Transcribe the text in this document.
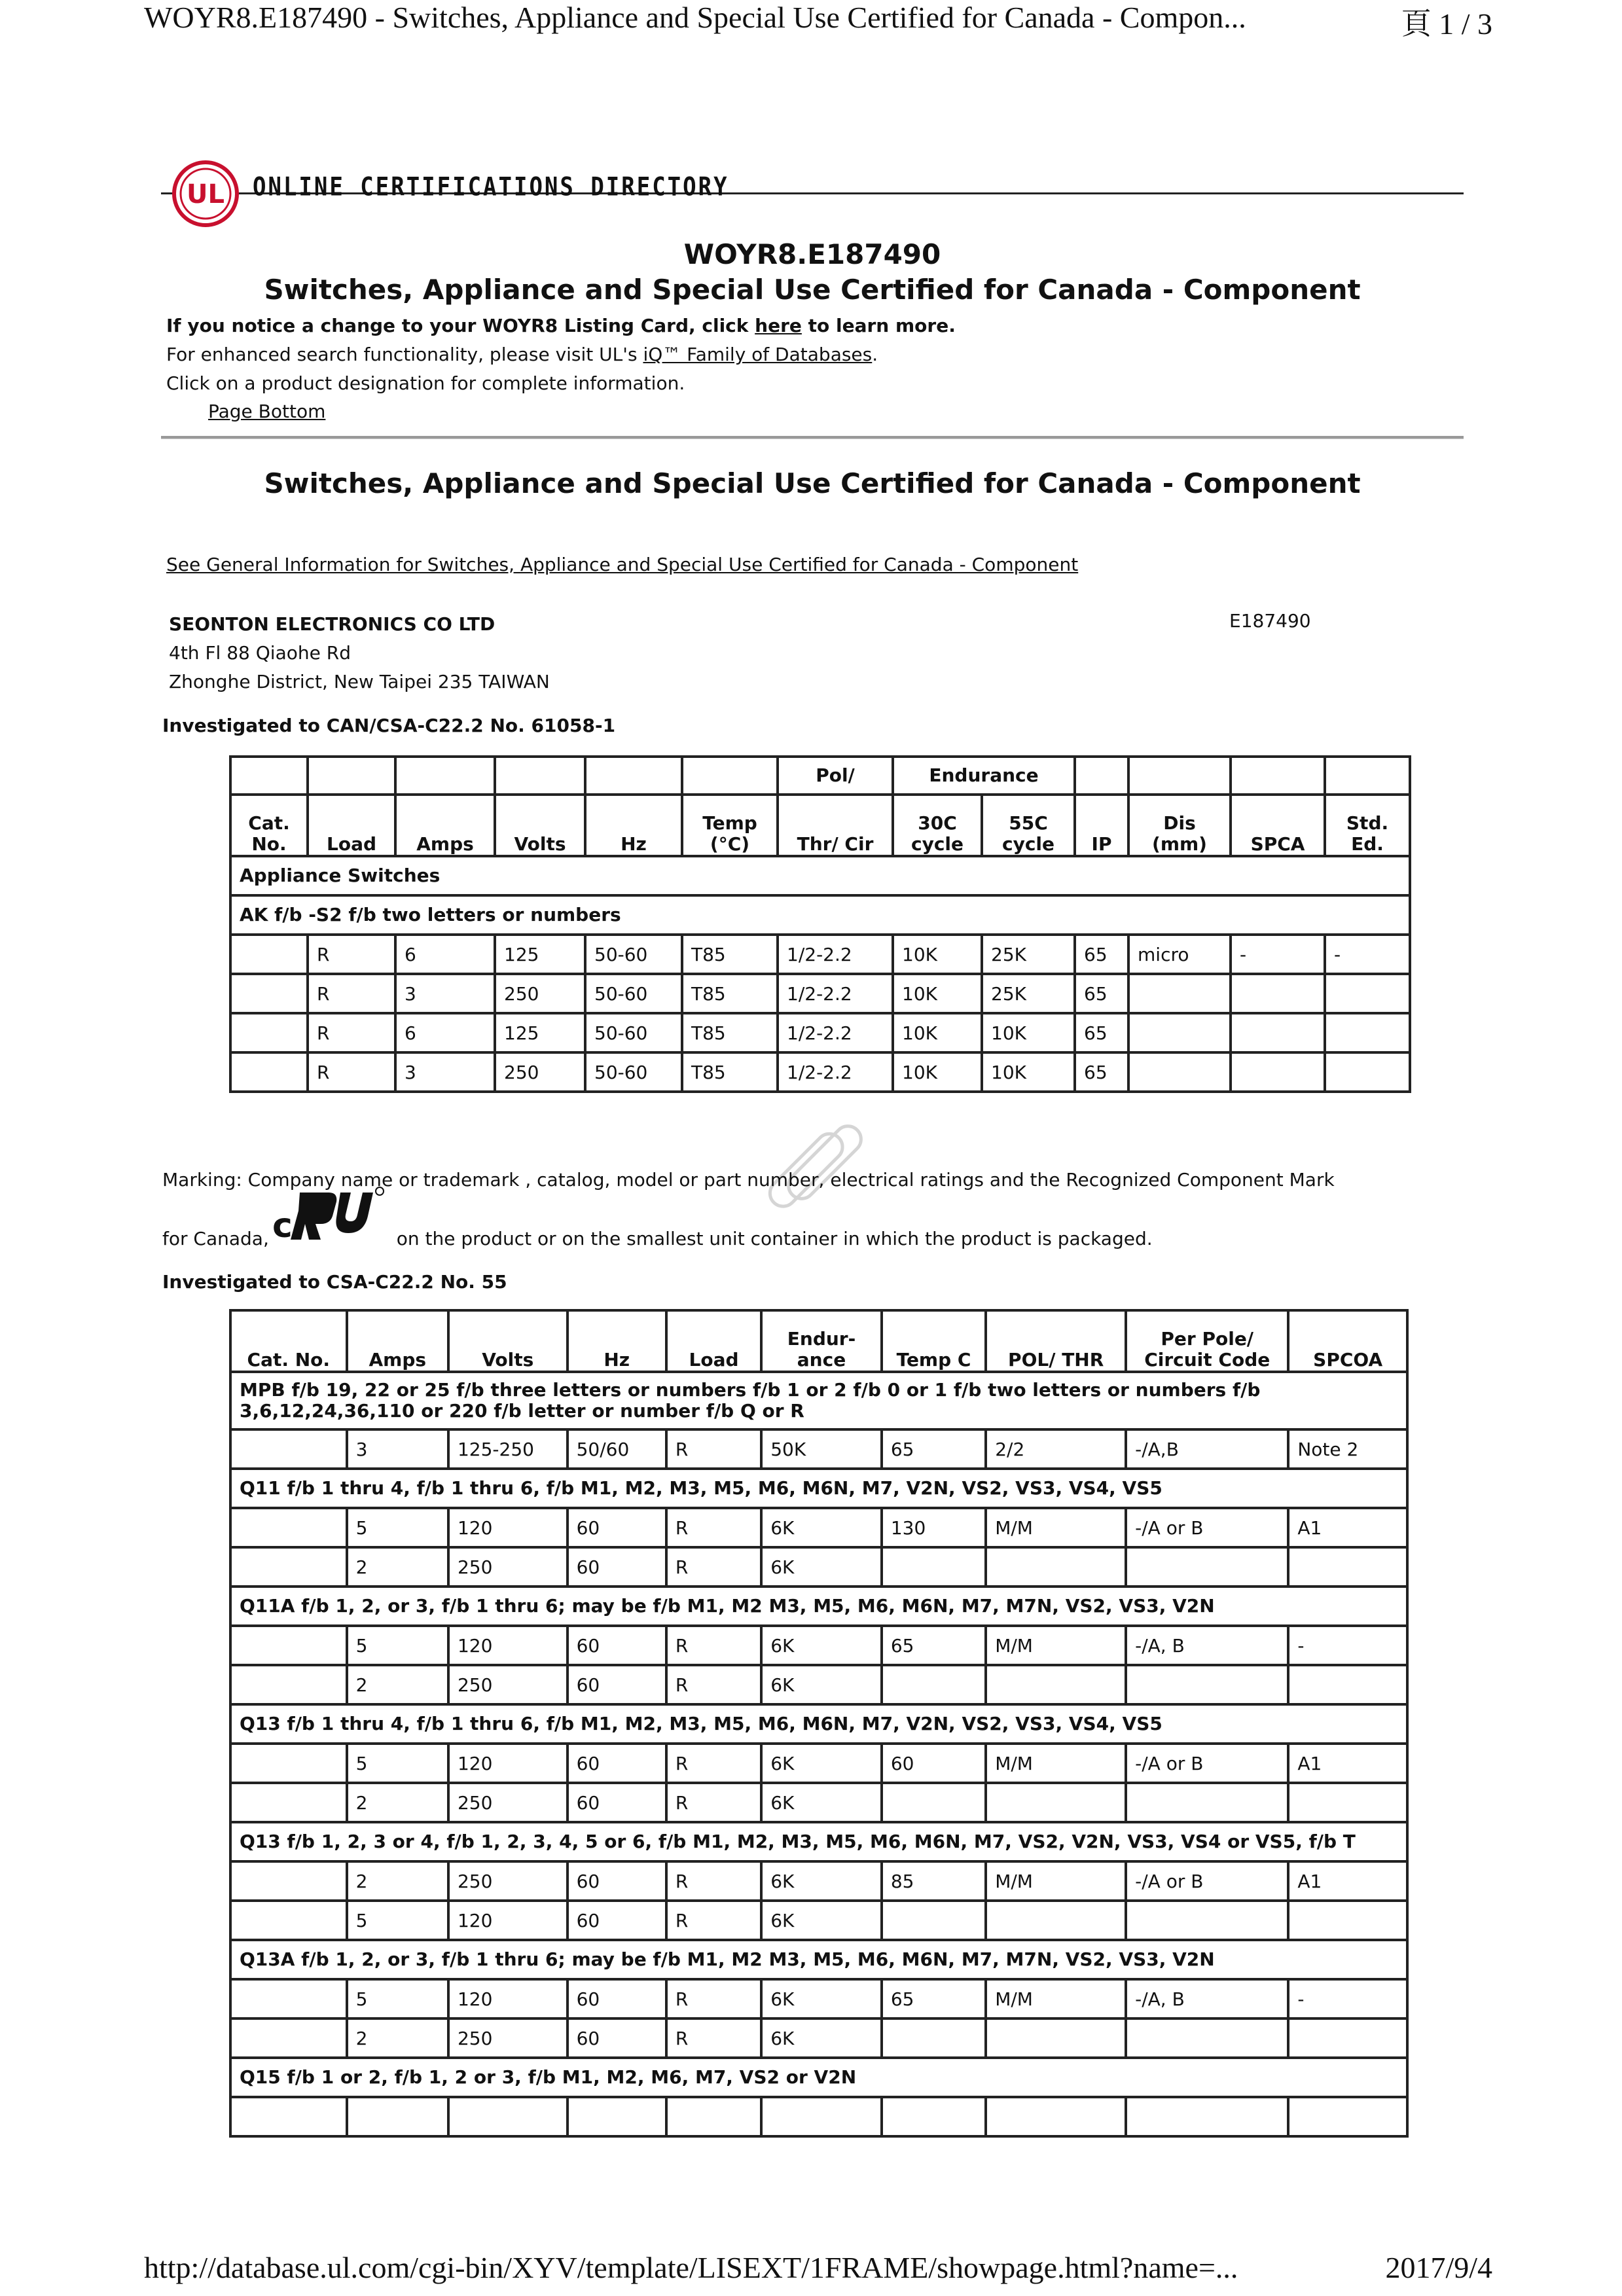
WOYR8.E187490 - Switches, Appliance and Special Use Certified for Canada - Compon...	頁 1 / 3
UL ONLINE CERTIFICATIONS DIRECTORY
WOYR8.E187490
Switches, Appliance and Special Use Certified for Canada - Component
If you notice a change to your WOYR8 Listing Card, click here to learn more.
For enhanced search functionality, please visit UL's iQ™ Family of Databases.
Click on a product designation for complete information.
Page Bottom
Switches, Appliance and Special Use Certified for Canada - Component
See General Information for Switches, Appliance and Special Use Certified for Canada - Component
SEONTON ELECTRONICS CO LTD
4th Fl 88 Qiaohe Rd
Zhonghe District, New Taipei 235 TAIWAN
E187490
Investigated to CAN/CSA-C22.2 No. 61058-1
						Pol/	Endurance					
Cat. No.	Load	Amps	Volts	Hz	Temp (°C)	Thr/ Cir	30C cycle	55C cycle	IP	Dis (mm)	SPCA	Std. Ed.
Appliance Switches												
AK f/b -S2 f/b two letters or numbers												
	R	6	125	50-60	T85	1/2-2.2	10K	25K	65	micro	-	-
	R	3	250	50-60	T85	1/2-2.2	10K	25K	65			
	R	6	125	50-60	T85	1/2-2.2	10K	10K	65			
	R	3	250	50-60	T85	1/2-2.2	10K	10K	65			
Marking: Company name or trademark , catalog, model or part number, electrical ratings and the Recognized Component Mark
for Canada,	on the product or on the smallest unit container in which the product is packaged.
c
Investigated to CSA-C22.2 No. 55
Cat. No.	Amps	Volts	Hz	Load	Endur- ance	Temp C	POL/ THR	Per Pole/ Circuit Code	SPCOA
MPB f/b 19, 22 or 25 f/b three letters or numbers f/b 1 or 2 f/b 0 or 1 f/b two letters or numbers f/b 3,6,12,24,36,110 or 220 f/b letter or number f/b Q or R									
	3	125-250	50/60	R	50K	65	2/2	-/A,B	Note 2
Q11 f/b 1 thru 4, f/b 1 thru 6, f/b M1, M2, M3, M5, M6, M6N, M7, V2N, VS2, VS3, VS4, VS5									
	5	120	60	R	6K	130	M/M	-/A or B	A1
	2	250	60	R	6K				
Q11A f/b 1, 2, or 3, f/b 1 thru 6; may be f/b M1, M2 M3, M5, M6, M6N, M7, M7N, VS2, VS3, V2N									
	5	120	60	R	6K	65	M/M	-/A, B	-
	2	250	60	R	6K				
Q13 f/b 1 thru 4, f/b 1 thru 6, f/b M1, M2, M3, M5, M6, M6N, M7, V2N, VS2, VS3, VS4, VS5									
	5	120	60	R	6K	60	M/M	-/A or B	A1
	2	250	60	R	6K				
Q13 f/b 1, 2, 3 or 4, f/b 1, 2, 3, 4, 5 or 6, f/b M1, M2, M3, M5, M6, M6N, M7, VS2, V2N, VS3, VS4 or VS5, f/b T									
	2	250	60	R	6K	85	M/M	-/A or B	A1
	5	120	60	R	6K				
Q13A f/b 1, 2, or 3, f/b 1 thru 6; may be f/b M1, M2 M3, M5, M6, M6N, M7, M7N, VS2, VS3, V2N									
	5	120	60	R	6K	65	M/M	-/A, B	-
	2	250	60	R	6K				
Q15 f/b 1 or 2, f/b 1, 2 or 3, f/b M1, M2, M6, M7, VS2 or V2N									

http://database.ul.com/cgi-bin/XYV/template/LISEXT/1FRAME/showpage.html?name=...	2017/9/4
